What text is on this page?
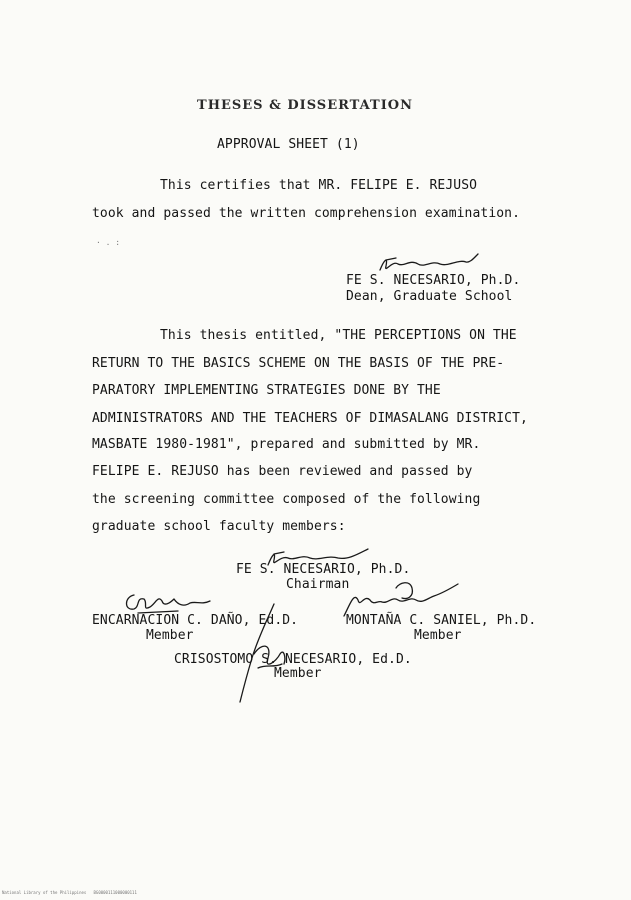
THESES & DISSERTATION
APPROVAL SHEET (1)
This certifies that MR. FELIPE E. REJUSO
took and passed the written comprehension examination.
· . :
FE S. NECESARIO, Ph.D.
Dean, Graduate School
This thesis entitled, "THE PERCEPTIONS ON THE
RETURN TO THE BASICS SCHEME ON THE BASIS OF THE PRE-
PARATORY IMPLEMENTING STRATEGIES DONE BY THE
ADMINISTRATORS AND THE TEACHERS OF DIMASALANG DISTRICT,
MASBATE 1980-1981", prepared and submitted by MR.
FELIPE E. REJUSO has been reviewed and passed by
the screening committee composed of the following
graduate school faculty members:
FE S. NECESARIO, Ph.D.
Chairman
ENCARNACION C. DAÑO, Ed.D.
Member
MONTAÑA C. SANIEL, Ph.D.
Member
CRISOSTOMO S. NECESARIO, Ed.D.
Member
National Library of the Philippines   BG0000111000000111
